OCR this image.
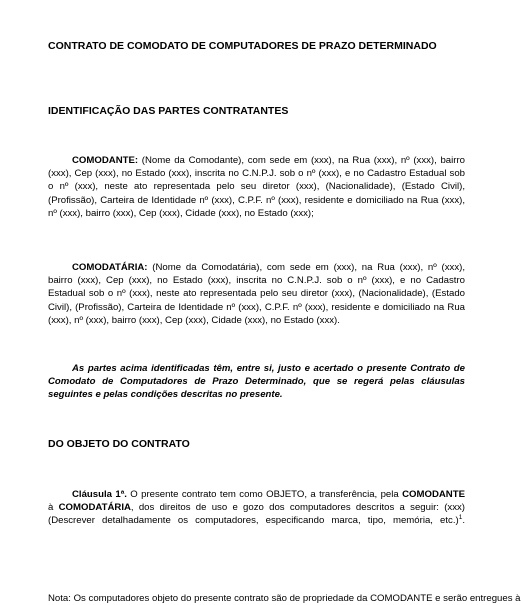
CONTRATO DE COMODATO DE COMPUTADORES DE PRAZO DETERMINADO
IDENTIFICAÇÃO DAS PARTES CONTRATANTES
COMODANTE: (Nome da Comodante), com sede em (xxx), na Rua (xxx), nº (xxx), bairro (xxx), Cep (xxx), no Estado (xxx), inscrita no C.N.P.J. sob o nº (xxx), e no Cadastro Estadual sob o nº (xxx), neste ato representada pelo seu diretor (xxx), (Nacionalidade), (Estado Civil), (Profissão), Carteira de Identidade nº (xxx), C.P.F. nº (xxx), residente e domiciliado na Rua (xxx), nº (xxx), bairro (xxx), Cep (xxx), Cidade (xxx), no Estado (xxx);
COMODATÁRIA: (Nome da Comodatária), com sede em (xxx), na Rua (xxx), nº (xxx), bairro (xxx), Cep (xxx), no Estado (xxx), inscrita no C.N.P.J. sob o nº (xxx), e no Cadastro Estadual sob o nº (xxx), neste ato representada pelo seu diretor (xxx), (Nacionalidade), (Estado Civil), (Profissão), Carteira de Identidade nº (xxx), C.P.F. nº (xxx), residente e domiciliado na Rua (xxx), nº (xxx), bairro (xxx), Cep (xxx), Cidade (xxx), no Estado (xxx).
As partes acima identificadas têm, entre si, justo e acertado o presente Contrato de Comodato de Computadores de Prazo Determinado, que se regerá pelas cláusulas seguintes e pelas condições descritas no presente.
DO OBJETO DO CONTRATO
Cláusula 1ª. O presente contrato tem como OBJETO, a transferência, pela COMODANTE à COMODATÁRIA, dos direitos de uso e gozo dos computadores descritos a seguir: (xxx) (Descrever detalhadamente os computadores, especificando marca, tipo, memória, etc.)$^1$.
Nota: Os computadores objeto do presente contrato são de propriedade da COMODANTE e serão entregues à
